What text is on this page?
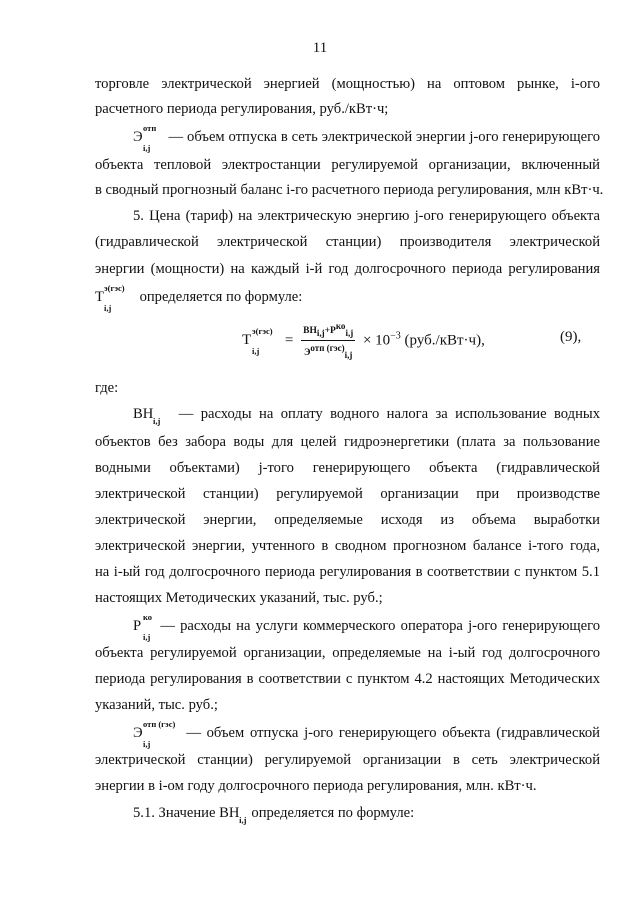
11
торговле электрической энергией (мощностью) на оптовом рынке, i-ого
расчетного периода регулирования, руб./кВт·ч;
Э
отп
i,j
— объем отпуска в сеть электрической энергии j-ого генерирующего
объекта тепловой электростанции регулируемой организации, включенный
в сводный прогнозный баланс i-го расчетного периода регулирования, млн кВт·ч.
5. Цена (тариф) на электрическую энергию j-ого генерирующего объекта
(гидравлической электрической станции) производителя электрической
энергии (мощности) на каждый i-й год долгосрочного периода регулирования
Т
э(гэс)
i,j
определяется по формуле:
Т
э(гэс)
i,j
= $\frac{ВН_{i,j}+Р^{ко}_{i,j}}{Э^{отп (гэс)}_{i,j}} \times 10^{-3}$ (руб./кВт·ч),	(9),
где:
ВН i,j — расходы на оплату водного налога за использование водных
объектов без забора воды для целей гидроэнергетики (плата за пользование
водными объектами) j-того генерирующего объекта (гидравлической
электрической станции) регулируемой организации при производстве
электрической энергии, определяемые исходя из объема выработки
электрической энергии, учтенного в сводном прогнозном балансе i-того года,
на i-ый год долгосрочного периода регулирования в соответствии с пунктом 5.1
настоящих Методических указаний, тыс. руб.;
Р
ко
i,j
— расходы на услуги коммерческого оператора j-ого генерирующего
объекта регулируемой организации, определяемые на i-ый год долгосрочного
периода регулирования в соответствии с пунктом 4.2 настоящих Методических
указаний, тыс. руб.;
Э
отп (гэс)
i,j
— объем отпуска j-ого генерирующего объекта (гидравлической
электрической станции) регулируемой организации в сеть электрической
энергии в i-ом году долгосрочного периода регулирования, млн. кВт·ч.
5.1. Значение ВН i,j определяется по формуле:
